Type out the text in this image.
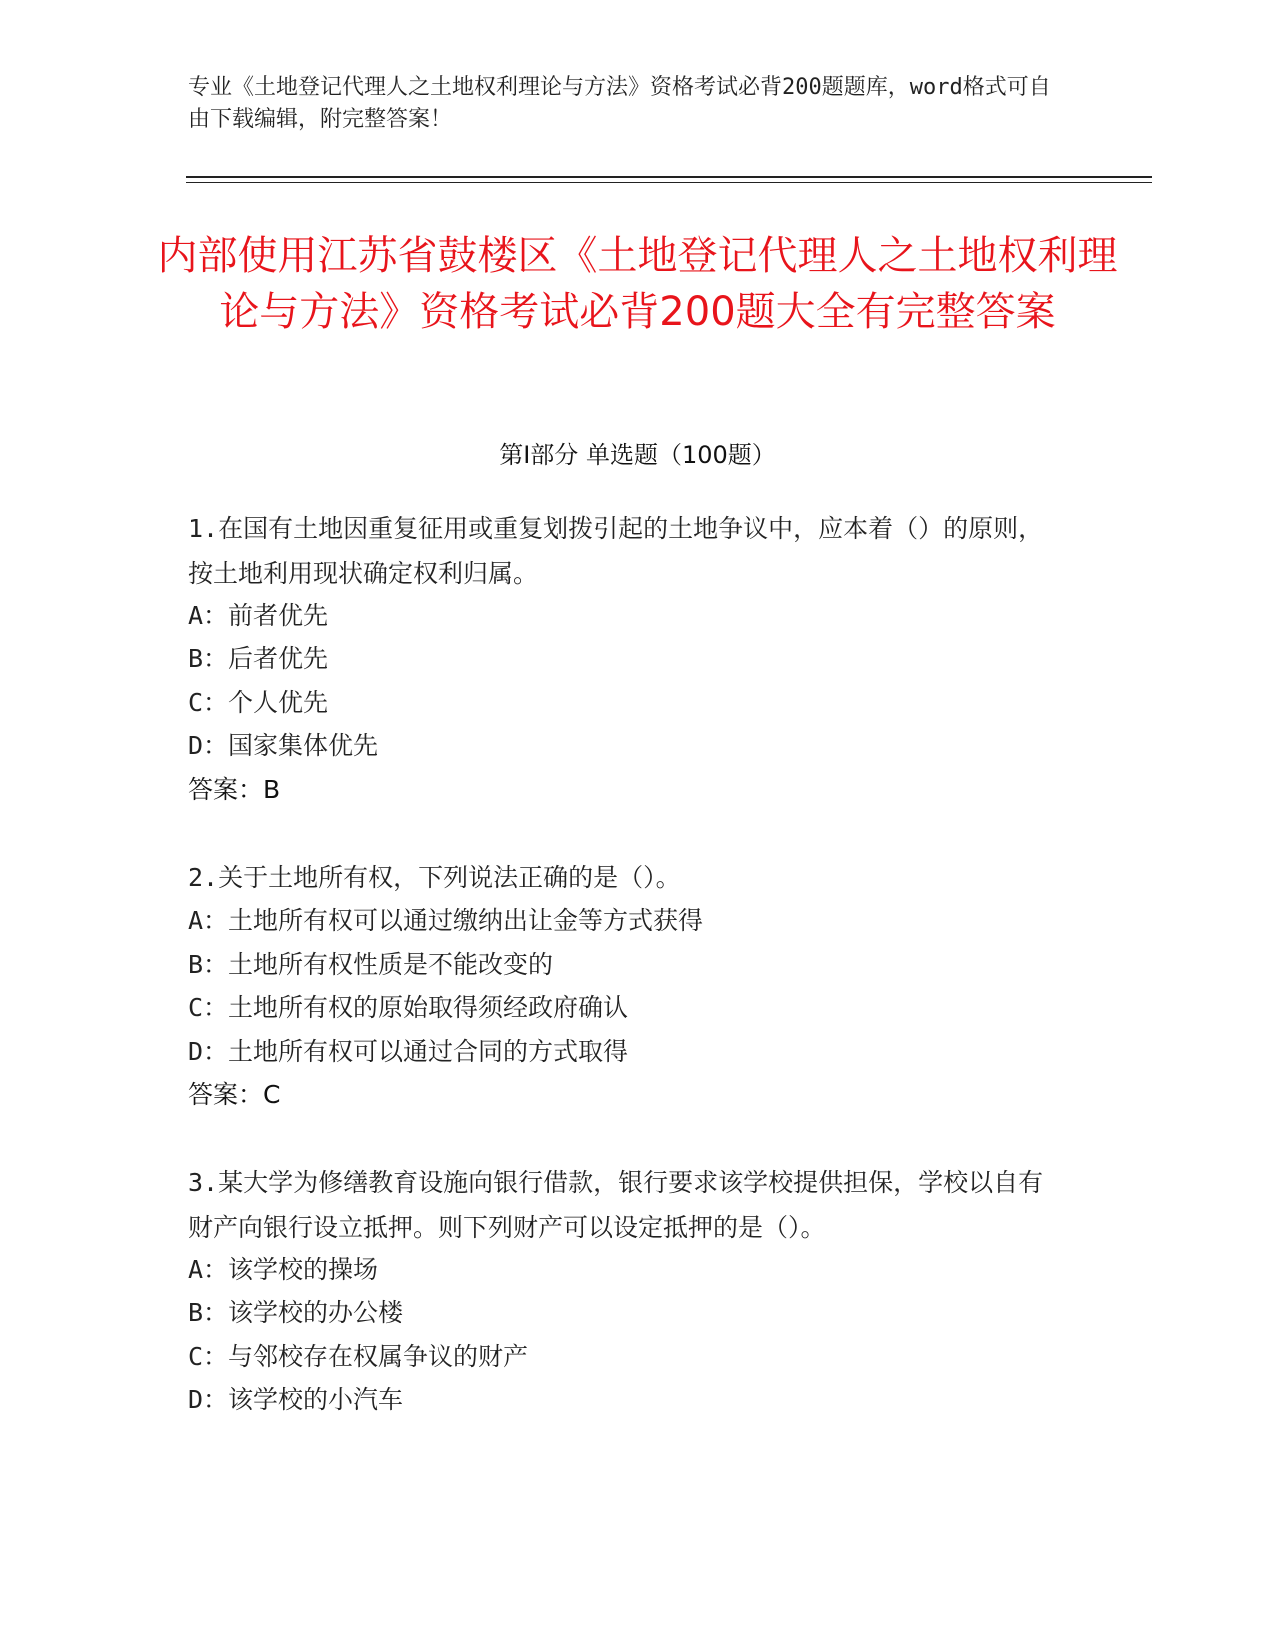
专业《土地登记代理人之土地权利理论与方法》资格考试必背200题题库，word格式可自由下载编辑，附完整答案！
内部使用江苏省鼓楼区《土地登记代理人之土地权利理论与方法》资格考试必背200题大全有完整答案
第Ⅰ部分 单选题（100题）
1.在国有土地因重复征用或重复划拨引起的土地争议中，应本着（）的原则，按土地利用现状确定权利归属。
A：前者优先
B：后者优先
C：个人优先
D：国家集体优先
答案：B
2.关于土地所有权，下列说法正确的是（）。
A：土地所有权可以通过缴纳出让金等方式获得
B：土地所有权性质是不能改变的
C：土地所有权的原始取得须经政府确认
D：土地所有权可以通过合同的方式取得
答案：C
3.某大学为修缮教育设施向银行借款，银行要求该学校提供担保，学校以自有财产向银行设立抵押。则下列财产可以设定抵押的是（）。
A：该学校的操场
B：该学校的办公楼
C：与邻校存在权属争议的财产
D：该学校的小汽车
